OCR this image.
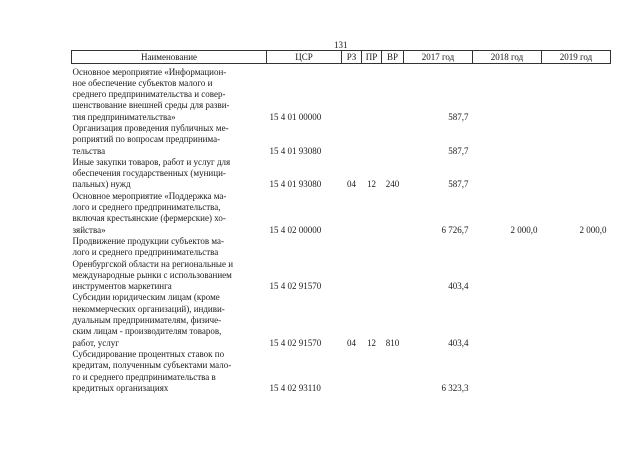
131
Наименование	ЦСР	РЗ	ПР	ВР	2017 год	2018 год	2019 год

Основное мероприятие «Информацион-							
ное обеспечение субъектов малого и							
среднего предпринимательства и совер-							
шенствование внешней среды для разви-							
тия предпринимательства»	15 4 01 00000				587,7		
Организация проведения публичных ме-							
роприятий по вопросам предпринима-							
тельства	15 4 01 93080				587,7		
Иные закупки товаров, работ и услуг для							
обеспечения государственных (муници-							
пальных) нужд	15 4 01 93080	04	12	240	587,7		
Основное мероприятие «Поддержка ма-							
лого и среднего предпринимательства,							
включая крестьянские (фермерские) хо-							
зяйства»	15 4 02 00000				6 726,7	2 000,0	2 000,0
Продвижение продукции субъектов ма-							
лого и среднего предпринимательства							
Оренбургской области на региональные и							
международные рынки с использованием							
инструментов маркетинга	15 4 02 91570				403,4		
Субсидии юридическим лицам (кроме							
некоммерческих организаций), индиви-							
дуальным предпринимателям, физиче-							
ским лицам - производителям товаров,							
работ, услуг	15 4 02 91570	04	12	810	403,4		
Субсидирование процентных ставок по							
кредитам, полученным субъектами мало-							
го и среднего предпринимательства в							
кредитных организациях	15 4 02 93110				6 323,3		
